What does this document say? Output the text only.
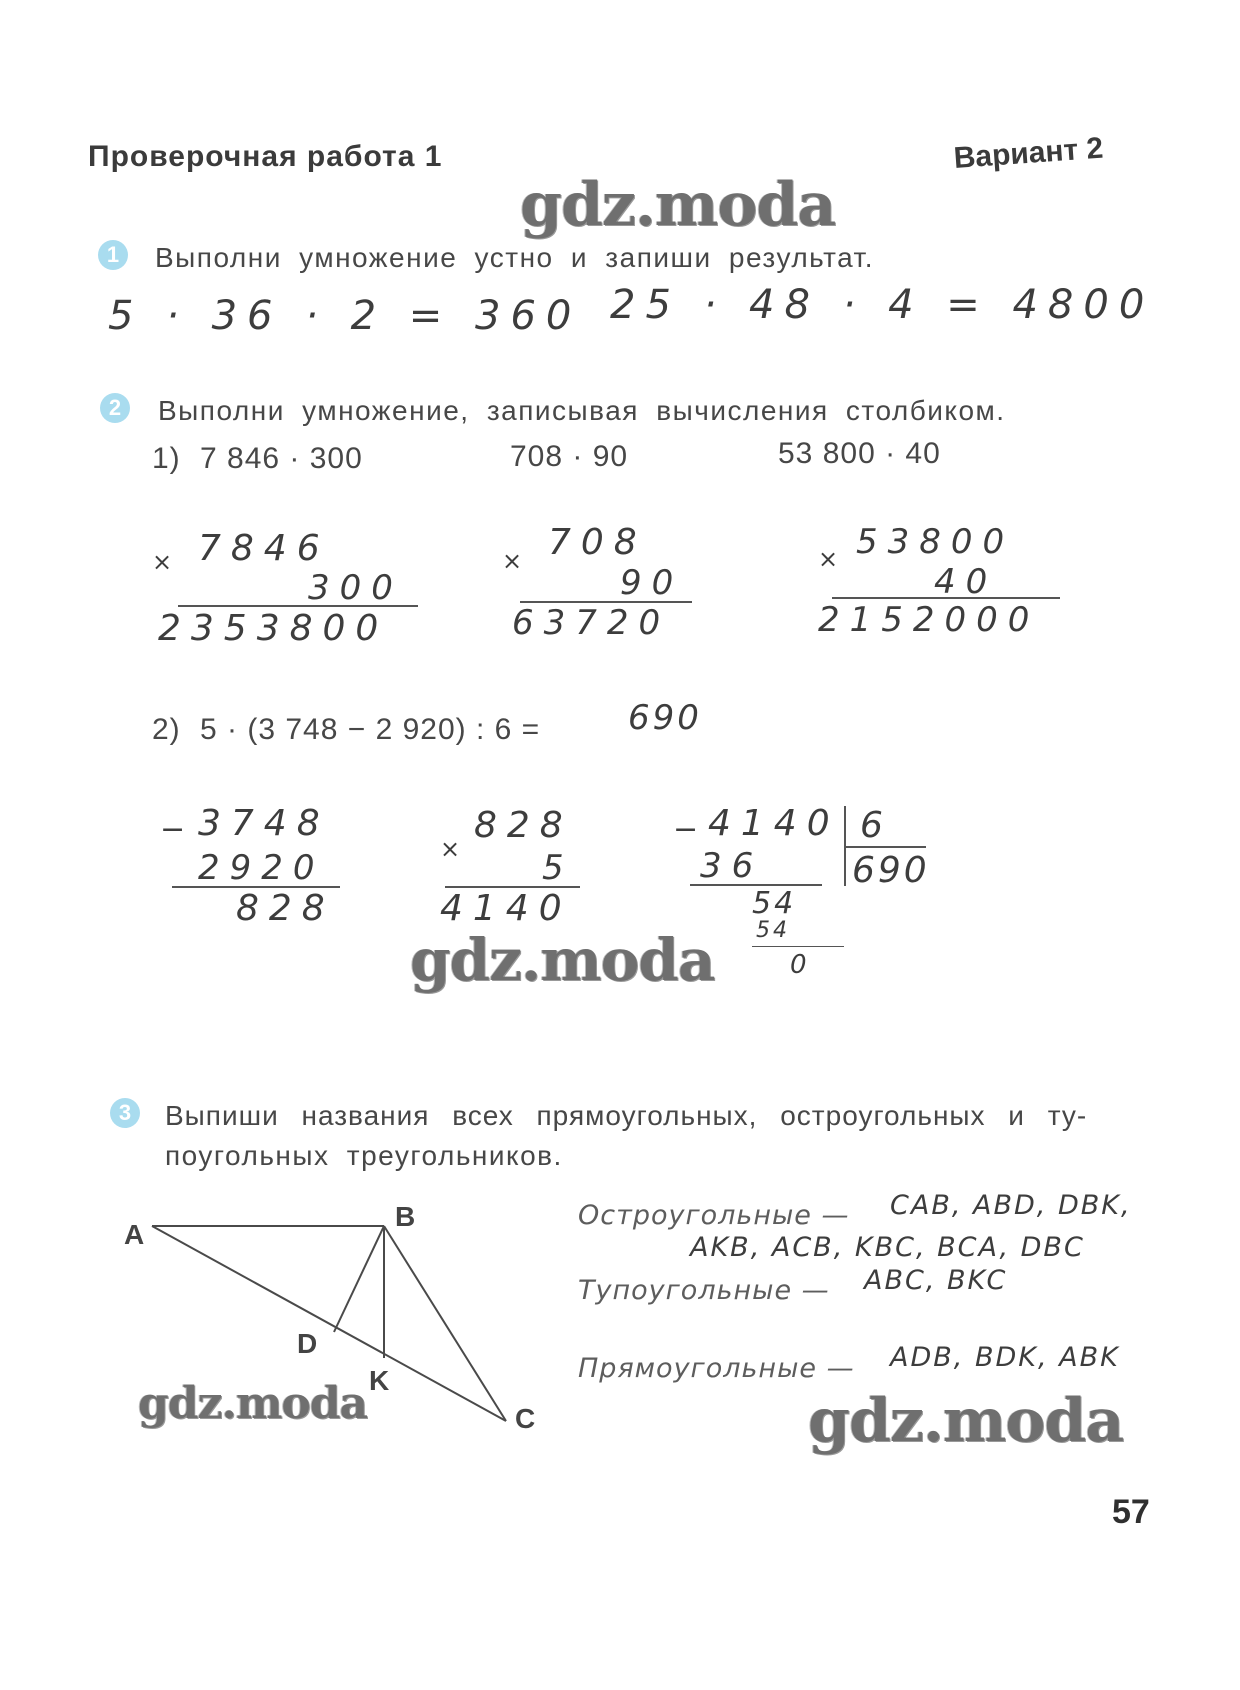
Проверочная работа 1	Вариант 2
gdz.moda
1	Выполни умножение устно и запиши результат.
5 · 36 · 2 = 360 25 · 48 · 4 = 4800
2	Выполни умножение, записывая вычисления столбиком.
1) 7 846 · 300	708 · 90	53 800 · 40
× 7846
300
2353800
× 708
90
63720
× 53800
40
2152000
2) 5 · (3 748 − 2 920) : 6 =	690
− 3748
2920
828
×
828
5
4140
− 4140 6
690
36
54
54
0
gdz.moda
3	Выпиши названия всех прямоугольных, остроугольных и ту-
поугольных треугольников.
A
B
D
K
C
gdz.moda
Остроугольные — CAB, ABD, DBK,
AKB, ACB, KBC, BCA, DBC
Тупоугольные — ABC, BKC
Прямоугольные — ADB, BDK, ABK
gdz.moda
57
